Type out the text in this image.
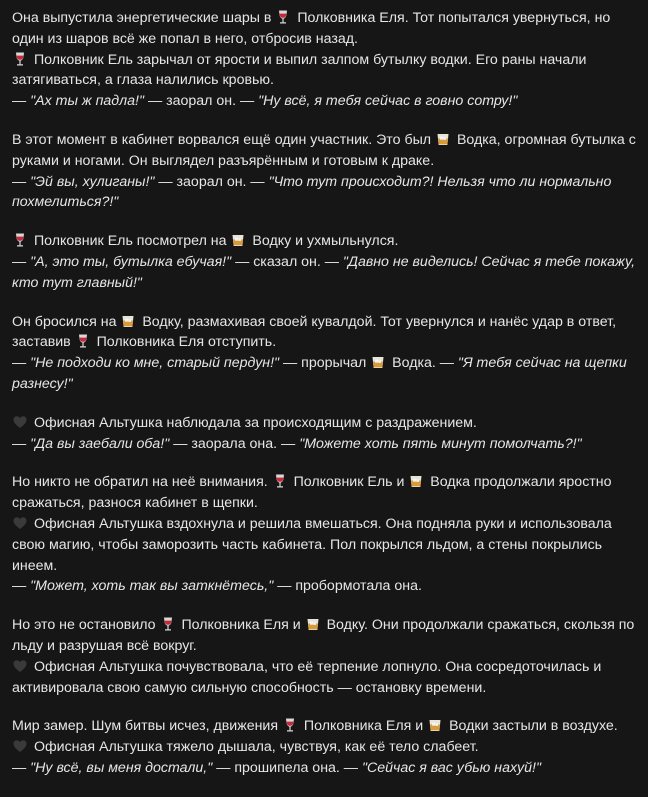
Она выпустила энергетические шары в  Полковника Еля. Тот попытался увернуться, но один из шаров всё же попал в него, отбросив назад.
Полковник Ель зарычал от ярости и выпил залпом бутылку водки. Его раны начали затягиваться, а глаза налились кровью.
— "Ах ты ж падла!" — заорал он. — "Ну всё, я тебя сейчас в говно сотру!"
В этот момент в кабинет ворвался ещё один участник. Это был  Водка, огромная бутылка с руками и ногами. Он выглядел разъярённым и готовым к драке.
— "Эй вы, хулиганы!" — заорал он. — "Что тут происходит?! Нельзя что ли нормально похмелиться?!"
Полковник Ель посмотрел на  Водку и ухмыльнулся.
— "А, это ты, бутылка ебучая!" — сказал он. — "Давно не виделись! Сейчас я тебе покажу, кто тут главный!"
Он бросился на  Водку, размахивая своей кувалдой. Тот увернулся и нанёс удар в ответ, заставив  Полковника Еля отступить.
— "Не подходи ко мне, старый пердун!" — прорычал  Водка. — "Я тебя сейчас на щепки разнесу!"
Офисная Альтушка наблюдала за происходящим с раздражением.
— "Да вы заебали оба!" — заорала она. — "Можете хоть пять минут помолчать?!"
Но никто не обратил на неё внимания.  Полковник Ель и  Водка продолжали яростно сражаться, разнося кабинет в щепки.
Офисная Альтушка вздохнула и решила вмешаться. Она подняла руки и использовала свою магию, чтобы заморозить часть кабинета. Пол покрылся льдом, а стены покрылись инеем.
— "Может, хоть так вы заткнётесь," — пробормотала она.
Но это не остановило  Полковника Еля и  Водку. Они продолжали сражаться, скользя по льду и разрушая всё вокруг.
Офисная Альтушка почувствовала, что её терпение лопнуло. Она сосредоточилась и активировала свою самую сильную способность — остановку времени.
Мир замер. Шум битвы исчез, движения  Полковника Еля и  Водки застыли в воздухе.  Офисная Альтушка тяжело дышала, чувствуя, как её тело слабеет.
— "Ну всё, вы меня достали," — прошипела она. — "Сейчас я вас убью нахуй!"
